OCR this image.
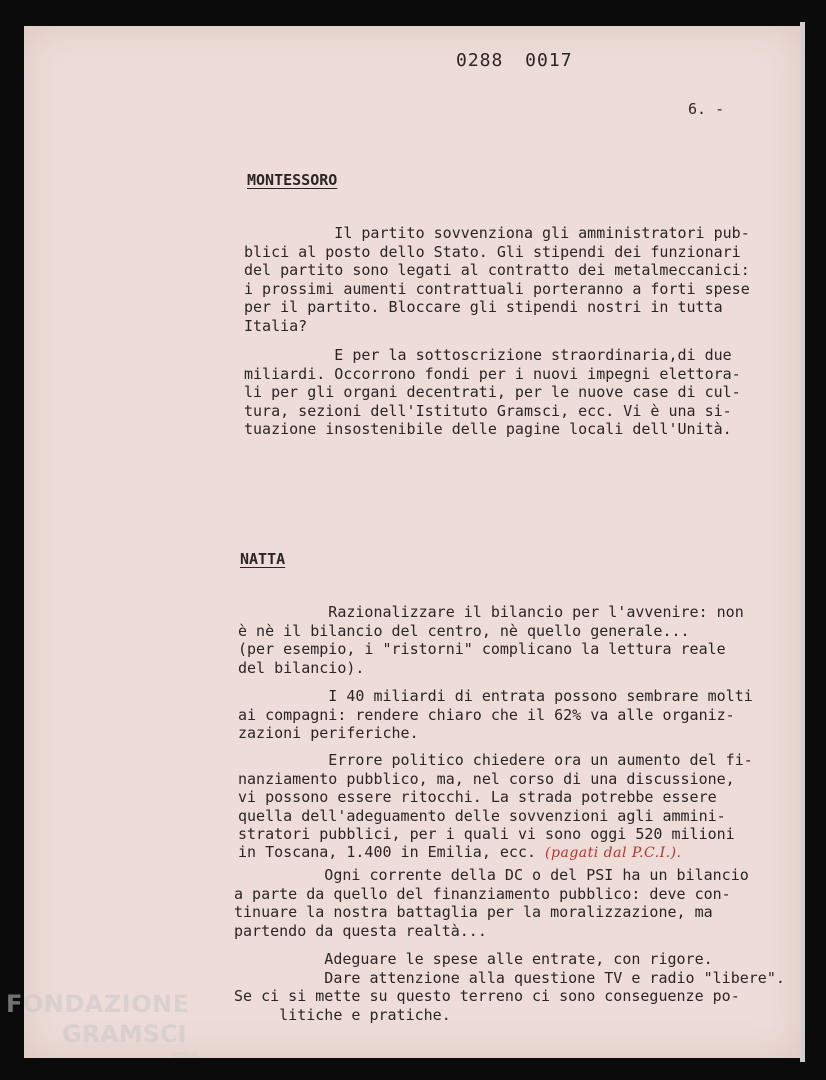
0288 0017
6. -
MONTESSORO
Il partito sovvenziona gli amministratori pub-
blici al posto dello Stato. Gli stipendi dei funzionari
del partito sono legati al contratto dei metalmeccanici:
i prossimi aumenti contrattuali porteranno a forti spese
per il partito. Bloccare gli stipendi nostri in tutta
Italia?
E per la sottoscrizione straordinaria,di due
miliardi. Occorrono fondi per i nuovi impegni elettora-
li per gli organi decentrati, per le nuove case di cul-
tura, sezioni dell'Istituto Gramsci, ecc. Vi è una si-
tuazione insostenibile delle pagine locali dell'Unità.
NATTA
Razionalizzare il bilancio per l'avvenire: non
è nè il bilancio del centro, nè quello generale...
(per esempio, i "ristorni" complicano la lettura reale
del bilancio).
I 40 miliardi di entrata possono sembrare molti
ai compagni: rendere chiaro che il 62% va alle organiz-
zazioni periferiche.
Errore politico chiedere ora un aumento del fi-
nanziamento pubblico, ma, nel corso di una discussione,
vi possono essere ritocchi. La strada potrebbe essere
quella dell'adeguamento delle sovvenzioni agli ammini-
stratori pubblici, per i quali vi sono oggi 520 milioni
in Toscana, 1.400 in Emilia, ecc. (pagati dal P.C.I.).
Ogni corrente della DC o del PSI ha un bilancio
a parte da quello del finanziamento pubblico: deve con-
tinuare la nostra battaglia per la moralizzazione, ma
partendo da questa realtà...
Adeguare le spese alle entrate, con rigore.
Dare attenzione alla questione TV e radio "libere".
Se ci si mette su questo terreno ci sono conseguenze po-
litiche e pratiche.
FONDAZIONE
GRAMSCI
onlus
